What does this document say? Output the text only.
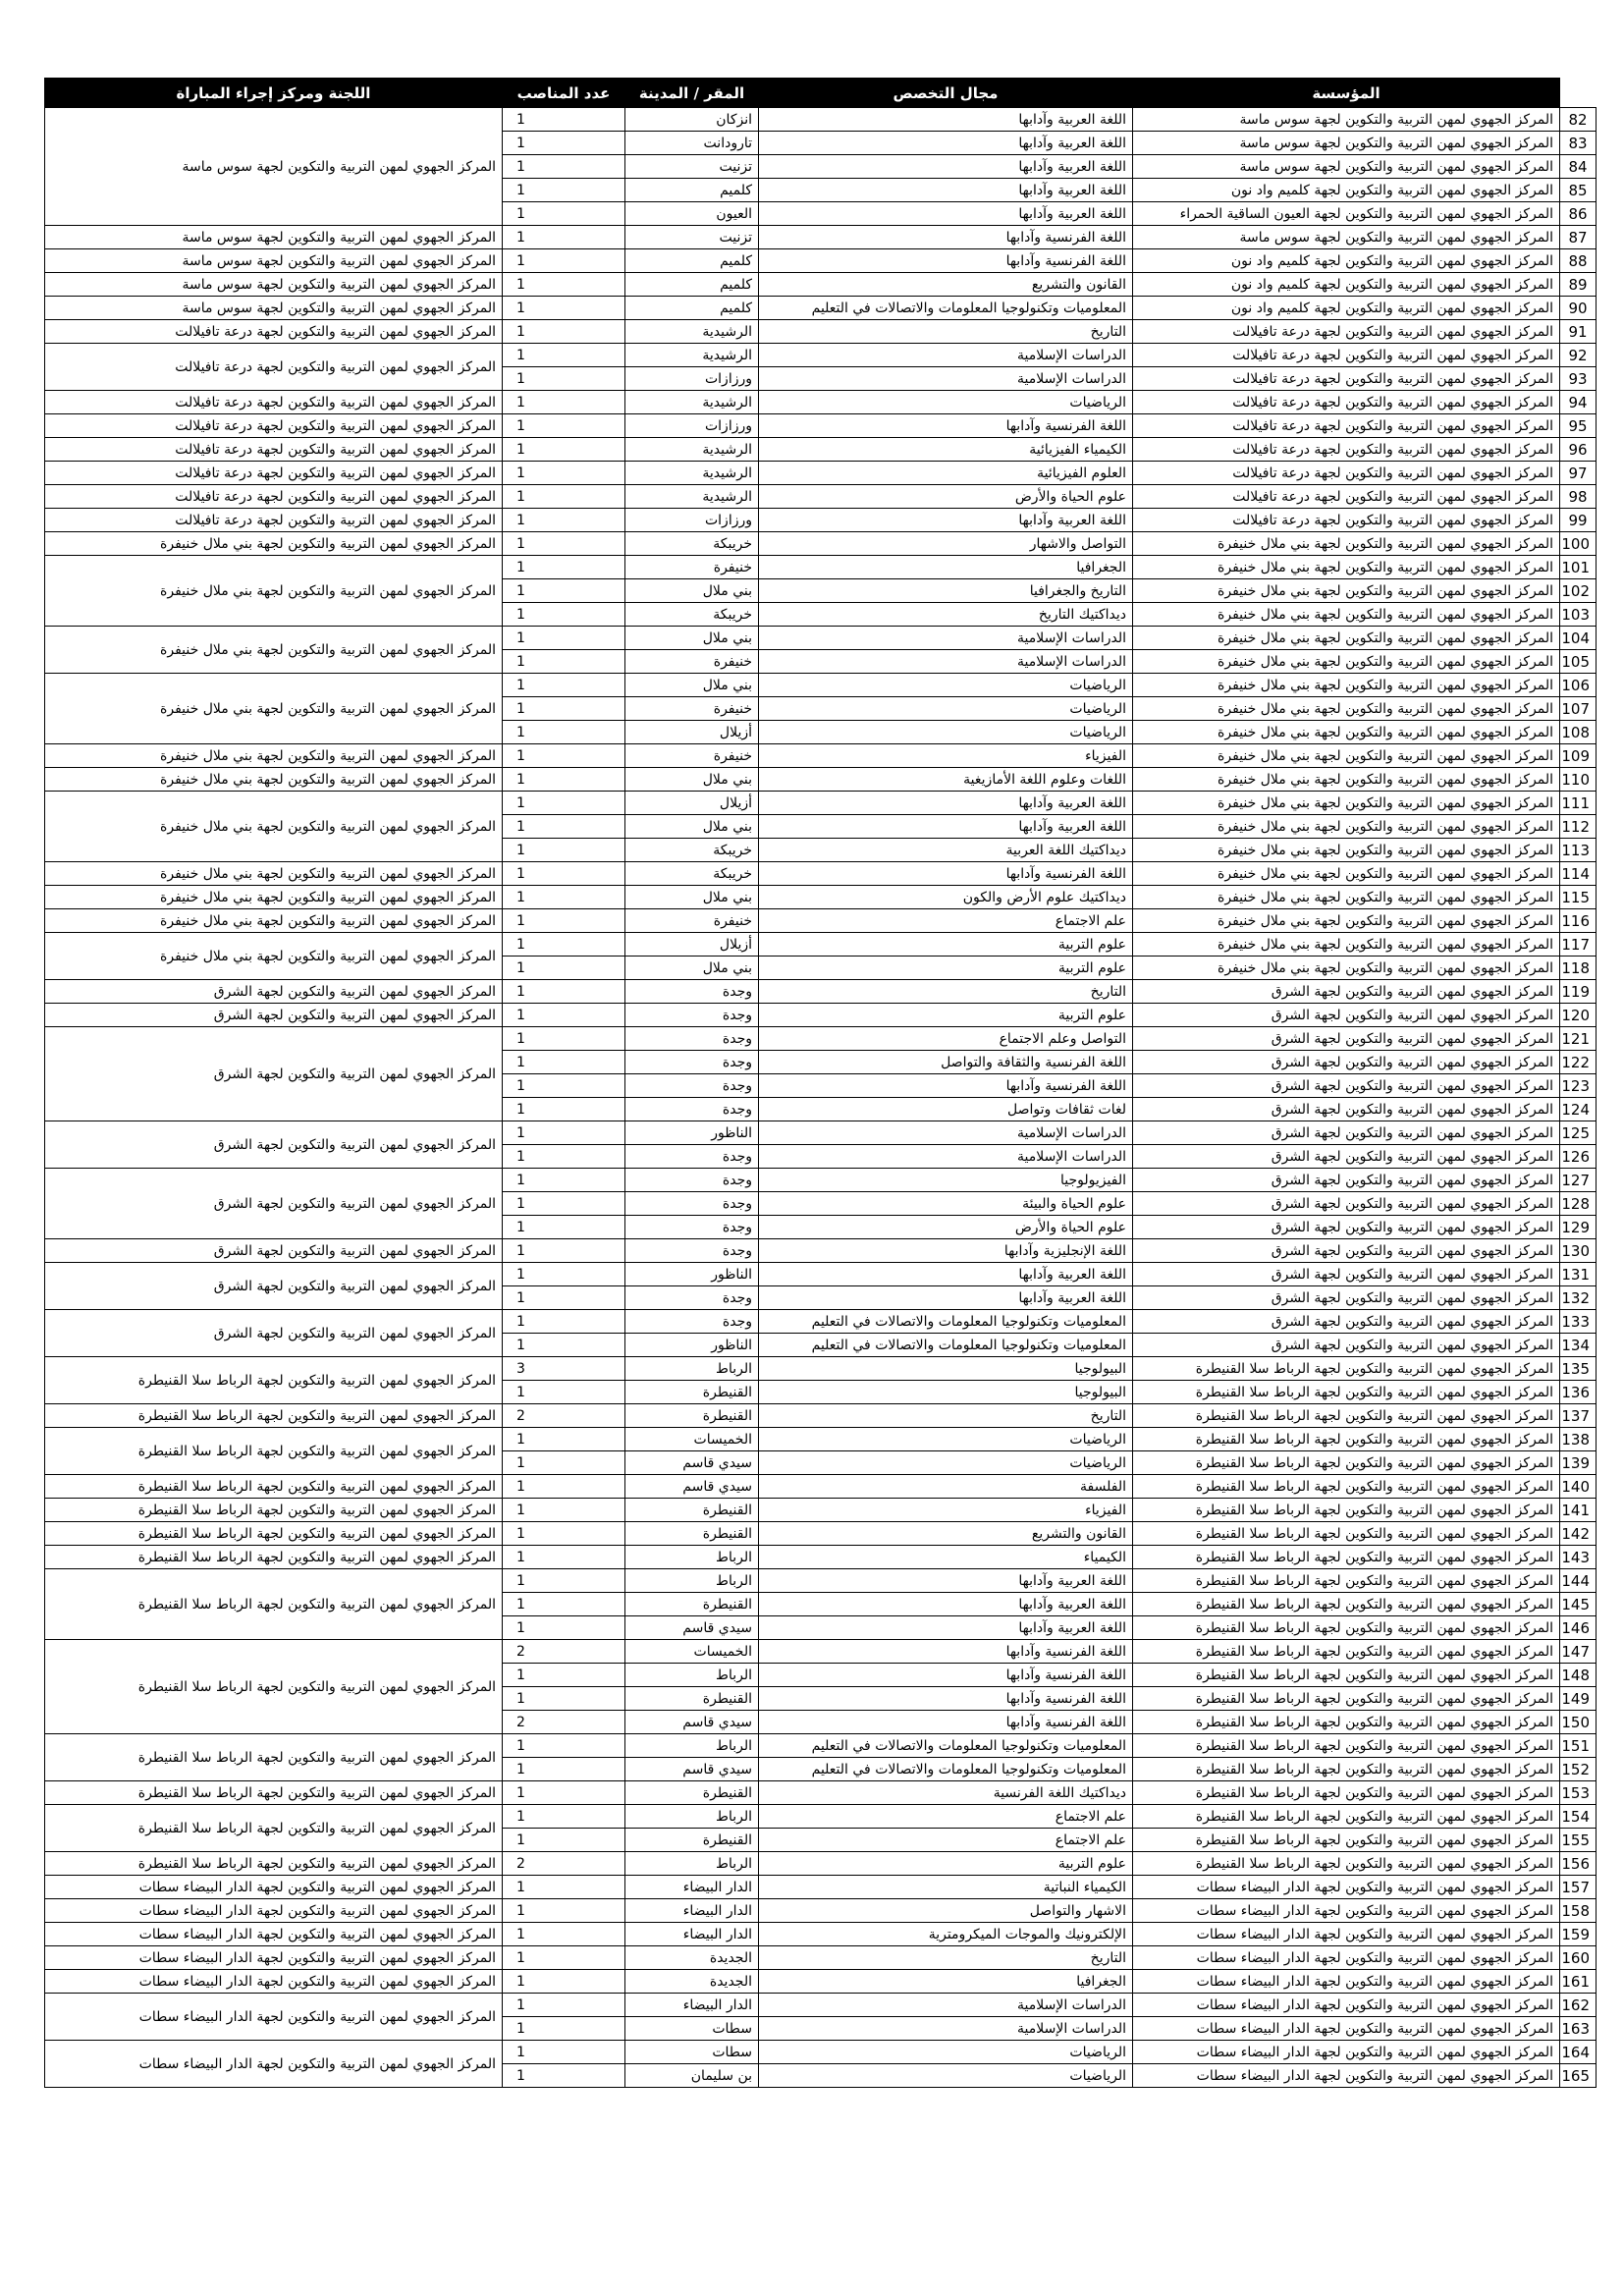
	المؤسسة	مجال التخصص	المقر / المدينة	عدد المناصب	اللجنة ومركز إجراء المباراة
82	المركز الجهوي لمهن التربية والتكوين لجهة سوس ماسة	اللغة العربية وآدابها	انزكان	1	المركز الجهوي لمهن التربية والتكوين لجهة سوس ماسة
83	المركز الجهوي لمهن التربية والتكوين لجهة سوس ماسة	اللغة العربية وآدابها	تارودانت	1	
84	المركز الجهوي لمهن التربية والتكوين لجهة سوس ماسة	اللغة العربية وآدابها	تزنيت	1	
85	المركز الجهوي لمهن التربية والتكوين لجهة كلميم واد نون	اللغة العربية وآدابها	كلميم	1	
86	المركز الجهوي لمهن التربية والتكوين لجهة العيون الساقية الحمراء	اللغة العربية وآدابها	العيون	1	
87	المركز الجهوي لمهن التربية والتكوين لجهة سوس ماسة	اللغة الفرنسية وآدابها	تزنيت	1	المركز الجهوي لمهن التربية والتكوين لجهة سوس ماسة
88	المركز الجهوي لمهن التربية والتكوين لجهة كلميم واد نون	اللغة الفرنسية وآدابها	كلميم	1	المركز الجهوي لمهن التربية والتكوين لجهة سوس ماسة
89	المركز الجهوي لمهن التربية والتكوين لجهة كلميم واد نون	القانون والتشريع	كلميم	1	المركز الجهوي لمهن التربية والتكوين لجهة سوس ماسة
90	المركز الجهوي لمهن التربية والتكوين لجهة كلميم واد نون	المعلوميات وتكنولوجيا المعلومات والاتصالات في التعليم	كلميم	1	المركز الجهوي لمهن التربية والتكوين لجهة سوس ماسة
91	المركز الجهوي لمهن التربية والتكوين لجهة درعة تافيلالت	التاريخ	الرشيدية	1	المركز الجهوي لمهن التربية والتكوين لجهة درعة تافيلالت
92	المركز الجهوي لمهن التربية والتكوين لجهة درعة تافيلالت	الدراسات الإسلامية	الرشيدية	1	المركز الجهوي لمهن التربية والتكوين لجهة درعة تافيلالت
93	المركز الجهوي لمهن التربية والتكوين لجهة درعة تافيلالت	الدراسات الإسلامية	ورزازات	1	
94	المركز الجهوي لمهن التربية والتكوين لجهة درعة تافيلالت	الرياضيات	الرشيدية	1	المركز الجهوي لمهن التربية والتكوين لجهة درعة تافيلالت
95	المركز الجهوي لمهن التربية والتكوين لجهة درعة تافيلالت	اللغة الفرنسية وآدابها	ورزازات	1	المركز الجهوي لمهن التربية والتكوين لجهة درعة تافيلالت
96	المركز الجهوي لمهن التربية والتكوين لجهة درعة تافيلالت	الكيمياء الفيزيائية	الرشيدية	1	المركز الجهوي لمهن التربية والتكوين لجهة درعة تافيلالت
97	المركز الجهوي لمهن التربية والتكوين لجهة درعة تافيلالت	العلوم الفيزيائية	الرشيدية	1	المركز الجهوي لمهن التربية والتكوين لجهة درعة تافيلالت
98	المركز الجهوي لمهن التربية والتكوين لجهة درعة تافيلالت	علوم الحياة والأرض	الرشيدية	1	المركز الجهوي لمهن التربية والتكوين لجهة درعة تافيلالت
99	المركز الجهوي لمهن التربية والتكوين لجهة درعة تافيلالت	اللغة العربية وآدابها	ورزازات	1	المركز الجهوي لمهن التربية والتكوين لجهة درعة تافيلالت
100	المركز الجهوي لمهن التربية والتكوين لجهة بني ملال خنيفرة	التواصل والاشهار	خريبكة	1	المركز الجهوي لمهن التربية والتكوين لجهة بني ملال خنيفرة
101	المركز الجهوي لمهن التربية والتكوين لجهة بني ملال خنيفرة	الجغرافيا	خنيفرة	1	المركز الجهوي لمهن التربية والتكوين لجهة بني ملال خنيفرة
102	المركز الجهوي لمهن التربية والتكوين لجهة بني ملال خنيفرة	التاريخ والجغرافيا	بني ملال	1	
103	المركز الجهوي لمهن التربية والتكوين لجهة بني ملال خنيفرة	ديداكتيك التاريخ	خريبكة	1	
104	المركز الجهوي لمهن التربية والتكوين لجهة بني ملال خنيفرة	الدراسات الإسلامية	بني ملال	1	المركز الجهوي لمهن التربية والتكوين لجهة بني ملال خنيفرة
105	المركز الجهوي لمهن التربية والتكوين لجهة بني ملال خنيفرة	الدراسات الإسلامية	خنيفرة	1	
106	المركز الجهوي لمهن التربية والتكوين لجهة بني ملال خنيفرة	الرياضيات	بني ملال	1	المركز الجهوي لمهن التربية والتكوين لجهة بني ملال خنيفرة
107	المركز الجهوي لمهن التربية والتكوين لجهة بني ملال خنيفرة	الرياضيات	خنيفرة	1	
108	المركز الجهوي لمهن التربية والتكوين لجهة بني ملال خنيفرة	الرياضيات	أزيلال	1	
109	المركز الجهوي لمهن التربية والتكوين لجهة بني ملال خنيفرة	الفيزياء	خنيفرة	1	المركز الجهوي لمهن التربية والتكوين لجهة بني ملال خنيفرة
110	المركز الجهوي لمهن التربية والتكوين لجهة بني ملال خنيفرة	اللغات وعلوم اللغة الأمازيغية	بني ملال	1	المركز الجهوي لمهن التربية والتكوين لجهة بني ملال خنيفرة
111	المركز الجهوي لمهن التربية والتكوين لجهة بني ملال خنيفرة	اللغة العربية وآدابها	أزيلال	1	المركز الجهوي لمهن التربية والتكوين لجهة بني ملال خنيفرة
112	المركز الجهوي لمهن التربية والتكوين لجهة بني ملال خنيفرة	اللغة العربية وآدابها	بني ملال	1	
113	المركز الجهوي لمهن التربية والتكوين لجهة بني ملال خنيفرة	ديداكتيك اللغة العربية	خريبكة	1	
114	المركز الجهوي لمهن التربية والتكوين لجهة بني ملال خنيفرة	اللغة الفرنسية وآدابها	خريبكة	1	المركز الجهوي لمهن التربية والتكوين لجهة بني ملال خنيفرة
115	المركز الجهوي لمهن التربية والتكوين لجهة بني ملال خنيفرة	ديداكتيك علوم الأرض والكون	بني ملال	1	المركز الجهوي لمهن التربية والتكوين لجهة بني ملال خنيفرة
116	المركز الجهوي لمهن التربية والتكوين لجهة بني ملال خنيفرة	علم الاجتماع	خنيفرة	1	المركز الجهوي لمهن التربية والتكوين لجهة بني ملال خنيفرة
117	المركز الجهوي لمهن التربية والتكوين لجهة بني ملال خنيفرة	علوم التربية	أزيلال	1	المركز الجهوي لمهن التربية والتكوين لجهة بني ملال خنيفرة
118	المركز الجهوي لمهن التربية والتكوين لجهة بني ملال خنيفرة	علوم التربية	بني ملال	1	
119	المركز الجهوي لمهن التربية والتكوين لجهة الشرق	التاريخ	وجدة	1	المركز الجهوي لمهن التربية والتكوين لجهة الشرق
120	المركز الجهوي لمهن التربية والتكوين لجهة الشرق	علوم التربية	وجدة	1	المركز الجهوي لمهن التربية والتكوين لجهة الشرق
121	المركز الجهوي لمهن التربية والتكوين لجهة الشرق	التواصل وعلم الاجتماع	وجدة	1	المركز الجهوي لمهن التربية والتكوين لجهة الشرق
122	المركز الجهوي لمهن التربية والتكوين لجهة الشرق	اللغة الفرنسية والثقافة والتواصل	وجدة	1	
123	المركز الجهوي لمهن التربية والتكوين لجهة الشرق	اللغة الفرنسية وآدابها	وجدة	1	
124	المركز الجهوي لمهن التربية والتكوين لجهة الشرق	لغات ثقافات وتواصل	وجدة	1	
125	المركز الجهوي لمهن التربية والتكوين لجهة الشرق	الدراسات الإسلامية	الناظور	1	المركز الجهوي لمهن التربية والتكوين لجهة الشرق
126	المركز الجهوي لمهن التربية والتكوين لجهة الشرق	الدراسات الإسلامية	وجدة	1	
127	المركز الجهوي لمهن التربية والتكوين لجهة الشرق	الفيزيولوجيا	وجدة	1	المركز الجهوي لمهن التربية والتكوين لجهة الشرق
128	المركز الجهوي لمهن التربية والتكوين لجهة الشرق	علوم الحياة والبيئة	وجدة	1	
129	المركز الجهوي لمهن التربية والتكوين لجهة الشرق	علوم الحياة والأرض	وجدة	1	
130	المركز الجهوي لمهن التربية والتكوين لجهة الشرق	اللغة الإنجليزية وآدابها	وجدة	1	المركز الجهوي لمهن التربية والتكوين لجهة الشرق
131	المركز الجهوي لمهن التربية والتكوين لجهة الشرق	اللغة العربية وآدابها	الناظور	1	المركز الجهوي لمهن التربية والتكوين لجهة الشرق
132	المركز الجهوي لمهن التربية والتكوين لجهة الشرق	اللغة العربية وآدابها	وجدة	1	
133	المركز الجهوي لمهن التربية والتكوين لجهة الشرق	المعلوميات وتكنولوجيا المعلومات والاتصالات في التعليم	وجدة	1	المركز الجهوي لمهن التربية والتكوين لجهة الشرق
134	المركز الجهوي لمهن التربية والتكوين لجهة الشرق	المعلوميات وتكنولوجيا المعلومات والاتصالات في التعليم	الناظور	1	
135	المركز الجهوي لمهن التربية والتكوين لجهة الرباط سلا القنيطرة	البيولوجيا	الرباط	3	المركز الجهوي لمهن التربية والتكوين لجهة الرباط سلا القنيطرة
136	المركز الجهوي لمهن التربية والتكوين لجهة الرباط سلا القنيطرة	البيولوجيا	القنيطرة	1	
137	المركز الجهوي لمهن التربية والتكوين لجهة الرباط سلا القنيطرة	التاريخ	القنيطرة	2	المركز الجهوي لمهن التربية والتكوين لجهة الرباط سلا القنيطرة
138	المركز الجهوي لمهن التربية والتكوين لجهة الرباط سلا القنيطرة	الرياضيات	الخميسات	1	المركز الجهوي لمهن التربية والتكوين لجهة الرباط سلا القنيطرة
139	المركز الجهوي لمهن التربية والتكوين لجهة الرباط سلا القنيطرة	الرياضيات	سيدي قاسم	1	
140	المركز الجهوي لمهن التربية والتكوين لجهة الرباط سلا القنيطرة	الفلسفة	سيدي قاسم	1	المركز الجهوي لمهن التربية والتكوين لجهة الرباط سلا القنيطرة
141	المركز الجهوي لمهن التربية والتكوين لجهة الرباط سلا القنيطرة	الفيزياء	القنيطرة	1	المركز الجهوي لمهن التربية والتكوين لجهة الرباط سلا القنيطرة
142	المركز الجهوي لمهن التربية والتكوين لجهة الرباط سلا القنيطرة	القانون والتشريع	القنيطرة	1	المركز الجهوي لمهن التربية والتكوين لجهة الرباط سلا القنيطرة
143	المركز الجهوي لمهن التربية والتكوين لجهة الرباط سلا القنيطرة	الكيمياء	الرباط	1	المركز الجهوي لمهن التربية والتكوين لجهة الرباط سلا القنيطرة
144	المركز الجهوي لمهن التربية والتكوين لجهة الرباط سلا القنيطرة	اللغة العربية وآدابها	الرباط	1	المركز الجهوي لمهن التربية والتكوين لجهة الرباط سلا القنيطرة
145	المركز الجهوي لمهن التربية والتكوين لجهة الرباط سلا القنيطرة	اللغة العربية وآدابها	القنيطرة	1	
146	المركز الجهوي لمهن التربية والتكوين لجهة الرباط سلا القنيطرة	اللغة العربية وآدابها	سيدي قاسم	1	
147	المركز الجهوي لمهن التربية والتكوين لجهة الرباط سلا القنيطرة	اللغة الفرنسية وآدابها	الخميسات	2	المركز الجهوي لمهن التربية والتكوين لجهة الرباط سلا القنيطرة
148	المركز الجهوي لمهن التربية والتكوين لجهة الرباط سلا القنيطرة	اللغة الفرنسية وآدابها	الرباط	1	
149	المركز الجهوي لمهن التربية والتكوين لجهة الرباط سلا القنيطرة	اللغة الفرنسية وآدابها	القنيطرة	1	
150	المركز الجهوي لمهن التربية والتكوين لجهة الرباط سلا القنيطرة	اللغة الفرنسية وآدابها	سيدي قاسم	2	
151	المركز الجهوي لمهن التربية والتكوين لجهة الرباط سلا القنيطرة	المعلوميات وتكنولوجيا المعلومات والاتصالات في التعليم	الرباط	1	المركز الجهوي لمهن التربية والتكوين لجهة الرباط سلا القنيطرة
152	المركز الجهوي لمهن التربية والتكوين لجهة الرباط سلا القنيطرة	المعلوميات وتكنولوجيا المعلومات والاتصالات في التعليم	سيدي قاسم	1	
153	المركز الجهوي لمهن التربية والتكوين لجهة الرباط سلا القنيطرة	ديداكتيك اللغة الفرنسية	القنيطرة	1	المركز الجهوي لمهن التربية والتكوين لجهة الرباط سلا القنيطرة
154	المركز الجهوي لمهن التربية والتكوين لجهة الرباط سلا القنيطرة	علم الاجتماع	الرباط	1	المركز الجهوي لمهن التربية والتكوين لجهة الرباط سلا القنيطرة
155	المركز الجهوي لمهن التربية والتكوين لجهة الرباط سلا القنيطرة	علم الاجتماع	القنيطرة	1	
156	المركز الجهوي لمهن التربية والتكوين لجهة الرباط سلا القنيطرة	علوم التربية	الرباط	2	المركز الجهوي لمهن التربية والتكوين لجهة الرباط سلا القنيطرة
157	المركز الجهوي لمهن التربية والتكوين لجهة الدار البيضاء سطات	الكيمياء النباتية	الدار البيضاء	1	المركز الجهوي لمهن التربية والتكوين لجهة الدار البيضاء سطات
158	المركز الجهوي لمهن التربية والتكوين لجهة الدار البيضاء سطات	الاشهار والتواصل	الدار البيضاء	1	المركز الجهوي لمهن التربية والتكوين لجهة الدار البيضاء سطات
159	المركز الجهوي لمهن التربية والتكوين لجهة الدار البيضاء سطات	الإلكترونيك والموجات الميكرومترية	الدار البيضاء	1	المركز الجهوي لمهن التربية والتكوين لجهة الدار البيضاء سطات
160	المركز الجهوي لمهن التربية والتكوين لجهة الدار البيضاء سطات	التاريخ	الجديدة	1	المركز الجهوي لمهن التربية والتكوين لجهة الدار البيضاء سطات
161	المركز الجهوي لمهن التربية والتكوين لجهة الدار البيضاء سطات	الجغرافيا	الجديدة	1	المركز الجهوي لمهن التربية والتكوين لجهة الدار البيضاء سطات
162	المركز الجهوي لمهن التربية والتكوين لجهة الدار البيضاء سطات	الدراسات الإسلامية	الدار البيضاء	1	المركز الجهوي لمهن التربية والتكوين لجهة الدار البيضاء سطات
163	المركز الجهوي لمهن التربية والتكوين لجهة الدار البيضاء سطات	الدراسات الإسلامية	سطات	1	
164	المركز الجهوي لمهن التربية والتكوين لجهة الدار البيضاء سطات	الرياضيات	سطات	1	المركز الجهوي لمهن التربية والتكوين لجهة الدار البيضاء سطات
165	المركز الجهوي لمهن التربية والتكوين لجهة الدار البيضاء سطات	الرياضيات	بن سليمان	1	
